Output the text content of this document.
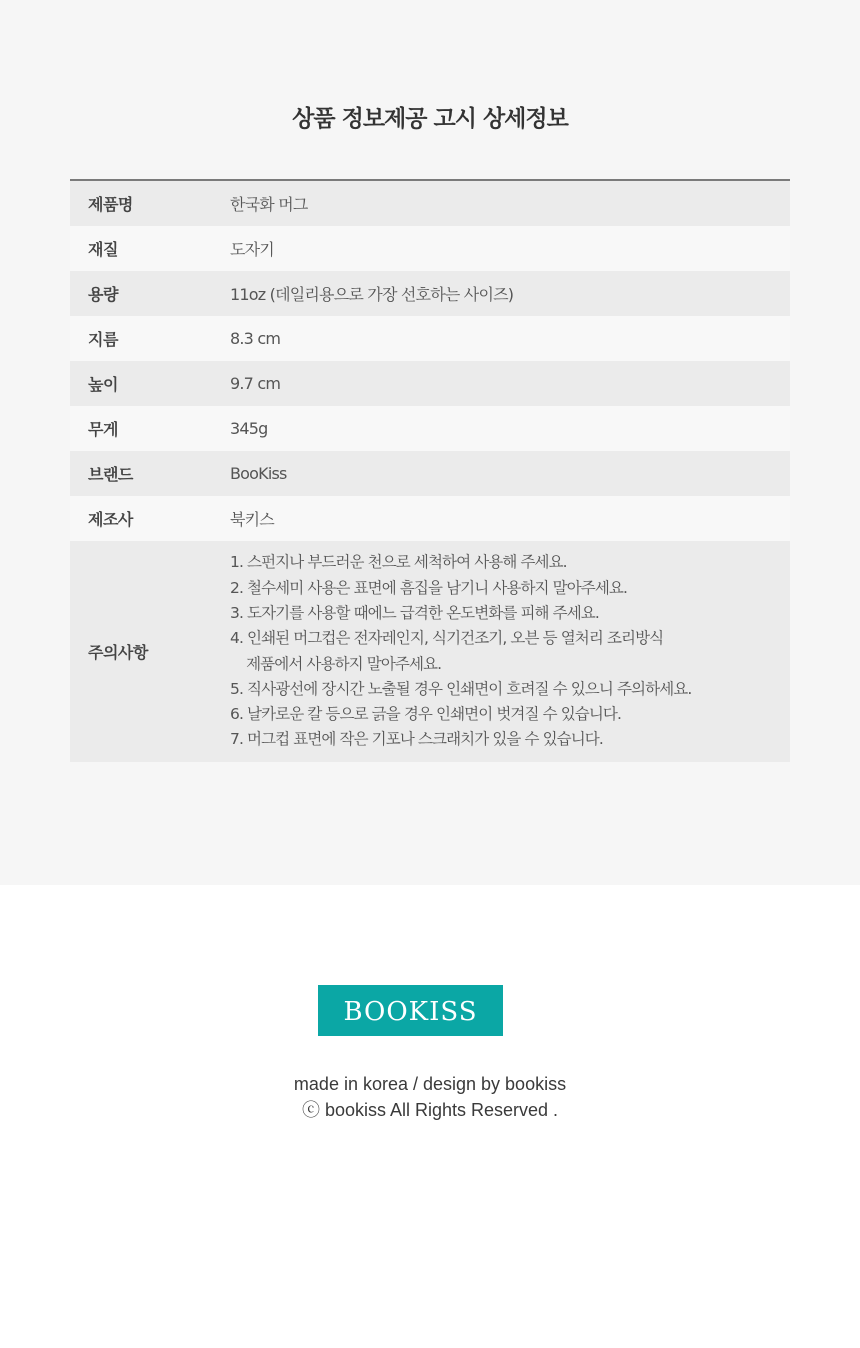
상품 정보제공 고시 상세정보
제품명	한국화 머그
재질	도자기
용량	11oz (데일리용으로 가장 선호하는 사이즈)
지름	8.3 cm
높이	9.7 cm
무게	345g
브랜드	BooKiss
제조사	북키스
주의사항
1. 스펀지나 부드러운 천으로 세척하여 사용해 주세요.
2. 철수세미 사용은 표면에 흠집을 남기니 사용하지 말아주세요.
3. 도자기를 사용할 때에느 급격한 온도변화를 피해 주세요.
4. 인쇄된 머그컵은 전자레인지, 식기건조기, 오븐 등 열처리 조리방식
제품에서 사용하지 말아주세요.
5. 직사광선에 장시간 노출될 경우 인쇄면이 흐려질 수 있으니 주의하세요.
6. 날카로운 칼 등으로 긁을 경우 인쇄면이 벗겨질 수 있습니다.
7. 머그컵 표면에 작은 기포나 스크래치가 있을 수 있습니다.
BOOKISS
made in korea / design by bookiss
ⓒ bookiss All Rights Reserved .
